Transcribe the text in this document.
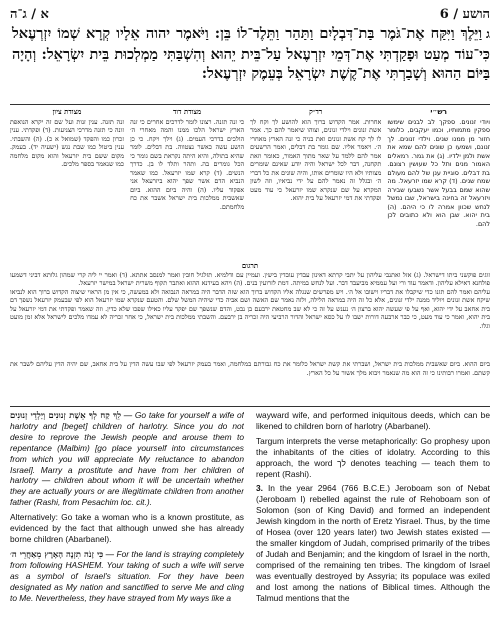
א / ג־ה	הושע / 6

גוַיֵּלֶךְ וַיִּקַּח אֶת־גֹּמֶר בַּת־דִּבְלָיִם וַתַּהַר וַתֵּלֶד־לוֹ בֵּן: וַיֹּאמֶר יהוה אֵלָיו קְרָא שְׁמוֹ יִזְרְעֶאל כִּי־עוֹד מְעַט וּפָקַדְתִּי אֶת־דְּמֵי יִזְרְעֶאל עַל־בֵּית יֵהוּא וְהִשְׁבַּתִּי מַמְלְכוּת בֵּית יִשְׂרָאֵל: וְהָיָה בַּיּוֹם הַהוּא וְשָׁבַרְתִּי אֶת־קֶשֶׁת יִשְׂרָאֵל בְּעֵמֶק יִזְרְעֶאל:

רש״י
ויודי זנונים. ספקך לב לבנים שימשו ספקין מתמותיו, וכמו יעקבים, כלומר חזור מן ממנו שנים. וילדי זנונים. לך זנונם, ושמעו כן שונים להם שמא את אשת ולמן ילדיו. (ג) את גמר. רמאלים האמור מנים ותל כל שעושין רצונם. בת דבלים. סוגיית ענן של להם מעולם שמח שנים. (ד) קרא שמו יזרעאל. מה שהוא שמם בבעל אשר נשבעו שבירה ויזרעאל זה בחינה בישראל, שבו נמשל לנחש שכוון אמרה לו כי היהם. (ה) בית יהוא. שבן הוא ולא כתובים לכן להם.
רד״ק
אחרות. אמר הקדוש ברוך הוא להושע לך וקח לך אשת זנונים וילדי זנונים, וצוהו שיאמר להם כך. אמר לו לך קח אשת זנונים ואת בניה כי זנה הארץ מאחרי ה׳. ויאמר אליו. שם גומר בת דבלים, ואמר הרשעים אמר להם ללמד על שאר מתוך האמור, כאומר וזאת תקחנה, דבר לכל ישראל והיה יודע שאינם שומרים מצותיו ולא היו שומרים אותו, והיה שונים את כל דברי ה׳ ובגלל זה נאמר להם על ידי נביאיו, וזה לשון המקרא על שם שנקרא שמו יזרעאל כי עוד מעט ופקדתי את דמי יזרעאל על בית יהוא.
מצודת דוד
כי זנה תזנה. רצונו לומר לדרכים אחרים כי זנה הארץ ישראל הלכו ממנו והמה מאחרי ה׳ הולכים בדרכי העמים. (ג) וילך ויקח. כי כן הושע עשה כאשר נצטווה. בת דבלים. לומר שהיא בתולה, והיא היתה נקראת בשם גומר כי הכל גומרים בה. ותהר ותלד לו בן. כדרך הנשים. (ד) קרא שמו יזרעאל. כמו שאמר הנביא הדם אשר שפך יהוא ביזרעאל אני אפקוד עליו. (ה) והיה ביום ההוא. ביום שאשבית ממלכות בית ישראל אשבר את כח מלחמתם.
מצודת ציון
זנה תזנה. ענין זנות ועל שם זה יקרא הנואפת זונה כי תזנה מדרכי הצניעות. (ד) ופקדתי. ענין זכרון כמו והפקד (שמואל א כ). (ה) והשבתי. ענין ביטול כמו שבת נגש (ישעיה יד). בעמק. מקום ששם בית יזרעאל והוא מקום מלחמה כמו שנאמר בספר מלכים.
תרגום
זוגים פוקשני ביתו דישראל. (ג) אזל ואתנבי עליהון על יתבי קרתא דאינון עבדין עובדין בישין. ועמיין עם ודלמיא. תזלגיל חובין ואמר למנסב אתתא. (ד) ואמר יי ליה קרי שמהון גלותא דביני דשמעו פולחנא דאילא עליהון. ודאמר עוד ורי ועל עממיא מביעבד דבר. ועל לנחש במיתה. דמת לזרועין בנים. (ה) ויהא בעידנא ההוא ואתבר תקוף משרית ישראל במישר יזרעאל.
עליהם ואמר להם תזנו כדי שיקבלו את דבריו וישובו אל ה׳. ויש מפרשים שנגלה אליו הקדוש ברוך הוא שזה הדבר היה במראה הנבואה ולא במעשה, כי אין מן הראוי שיצוה הקדוש ברוך הוא לנביאו שיקח אשת זנונים ויוליד ממנה ילדי זנונים, אלא כל זה היה במראה הלילה, ולזה נאמר שם האשה ושם אביה כדי שיהיה המשל שלם. והטעם שנקרא שמו יזרעאל הוא לפי שבעמק יזרעאל נשפך דם בית אחאב על ידי יהוא, ואף על פי שעשה יהוא ברצון ה׳ נענש על זה כי לא שב מחטאת ירבעם בן נבט, והדם שנשפך שם יפקד עליו כאילו שפכו שלא כדין. וזה שאמר ופקדתי את דמי יזרעאל על בית יהוא, ואמר כי עוד מעט, כי כבר ארבעה דורות ישבו לו על כסא ישראל והדור הרביעי היה זכריה בן ירבעם. והשבתי ממלכות בית ישראל, כי אחר זכריה לא עמדו מלכים לישראל אלא זמן מועט וגלו.
ביום ההוא. ביום שאשבית ממלכות בית ישראל, ושברתי את קשת ישראל כלומר את כח גבורתם במלחמה, ואמר בעמק יזרעאל לפי שבו עשה הדין על בית אחאב, שם יהיה הדין עליהם לשבר את קשתם. ואמרו רבותינו כי זה הוא מה שנאמר ויבוא מלך אשור על כל הארץ.

לֵךְ קַח לְךָ אֵשֶׁת זְנוּנִים וְיַלְדֵי זְנוּנִים — Go take for yourself a wife of harlotry and [beget] children of harlotry. Since you do not desire to reprove the Jewish people and arouse them to repentance (Malbim) [go place yourself into circumstances from which you will appreciate My reluctance to abandon Israel]. Marry a prostitute and have from her children of harlotry — children about whom it will be uncertain whether they are actually yours or are illegitimate children from another father (Rashi, from Pesachim loc. cit.).

Alternatively: Go take a woman who is a known prostitute, as evidenced by the fact that although unwed she has already borne children (Abarbanel).

כִּי זָנֹה תִזְנֶה הָאָרֶץ מֵאַחֲרֵי ה׳ — For the land is straying completely from following HASHEM. Your taking of such a wife will serve as a symbol of Israel's situation. For they have been designated as My nation and sanctified to serve Me and cling to Me. Nevertheless, they have strayed from My ways like a

wayward wife, and performed iniquitous deeds, which can be likened to children born of harlotry (Abarbanel).

Targum interprets the verse metaphorically: Go prophesy upon the inhabitants of the cities of idolatry. According to this approach, the word לך denotes teaching — teach them to repent (Rashi).

3. In the year 2964 (766 B.C.E.) Jeroboam son of Nebat (Jeroboam I) rebelled against the rule of Rehoboam son of Solomon (son of King David) and formed an independent Jewish kingdom in the north of Eretz Yisrael. Thus, by the time of Hosea (over 120 years later) two Jewish states existed — the smaller kingdom of Judah, comprised primarily of the tribes of Judah and Benjamin; and the kingdom of Israel in the north, comprised of the remaining ten tribes. The kingdom of Israel was eventually destroyed by Assyria; its populace was exiled and lost among the nations of Biblical times. Although the Talmud mentions that the
